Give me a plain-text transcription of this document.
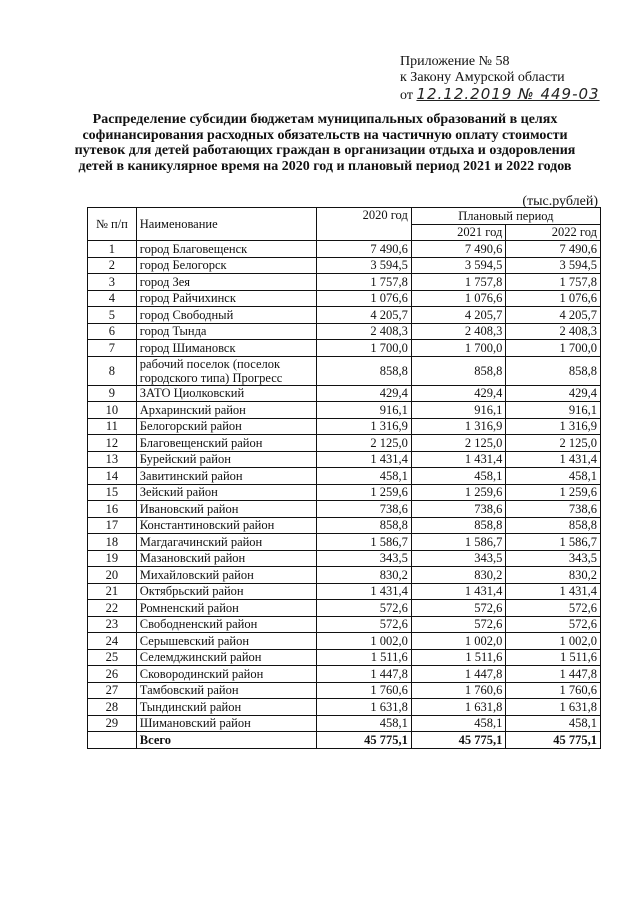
Приложение № 58
к Закону Амурской области
от 12.12.2019 № 449-03
Распределение субсидии бюджетам муниципальных образований в целях софинансирования расходных обязательств на частичную оплату стоимости путевок для детей работающих граждан в организации отдыха и оздоровления детей в каникулярное время на 2020 год и плановый период 2021 и 2022 годов
(тыс.рублей)
№ п/п	Наименование	2020 год	Плановый период	
			2021 год	2022 год
1	город Благовещенск	7 490,6	7 490,6	7 490,6
2	город Белогорск	3 594,5	3 594,5	3 594,5
3	город Зея	1 757,8	1 757,8	1 757,8
4	город Райчихинск	1 076,6	1 076,6	1 076,6
5	город Свободный	4 205,7	4 205,7	4 205,7
6	город Тында	2 408,3	2 408,3	2 408,3
7	город Шимановск	1 700,0	1 700,0	1 700,0
8	рабочий поселок (поселок городского типа) Прогресс	858,8	858,8	858,8
9	ЗАТО Циолковский	429,4	429,4	429,4
10	Архаринский район	916,1	916,1	916,1
11	Белогорский район	1 316,9	1 316,9	1 316,9
12	Благовещенский район	2 125,0	2 125,0	2 125,0
13	Бурейский район	1 431,4	1 431,4	1 431,4
14	Завитинский район	458,1	458,1	458,1
15	Зейский район	1 259,6	1 259,6	1 259,6
16	Ивановский район	738,6	738,6	738,6
17	Константиновский район	858,8	858,8	858,8
18	Магдагачинский район	1 586,7	1 586,7	1 586,7
19	Мазановский район	343,5	343,5	343,5
20	Михайловский район	830,2	830,2	830,2
21	Октябрьский район	1 431,4	1 431,4	1 431,4
22	Ромненский район	572,6	572,6	572,6
23	Свободненский район	572,6	572,6	572,6
24	Серышевский район	1 002,0	1 002,0	1 002,0
25	Селемджинский район	1 511,6	1 511,6	1 511,6
26	Сковородинский район	1 447,8	1 447,8	1 447,8
27	Тамбовский район	1 760,6	1 760,6	1 760,6
28	Тындинский район	1 631,8	1 631,8	1 631,8
29	Шимановский район	458,1	458,1	458,1
	Всего	45 775,1	45 775,1	45 775,1
